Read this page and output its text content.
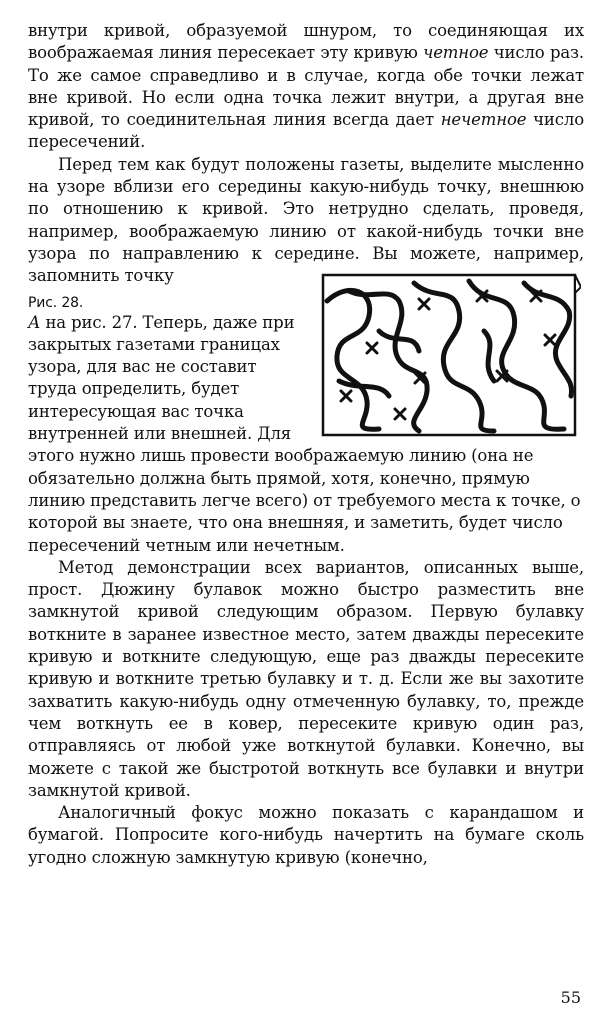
внутри кривой, образуемой шнуром, то соединяющая их воображаемая линия пересекает эту кривую четное число раз. То же самое справедливо и в случае, когда обе точки лежат вне кривой. Но если одна точка лежит внутри, а другая вне кривой, то соединительная линия всегда дает нечетное число пересечений.

Перед тем как будут положены газеты, выделите мысленно на узоре вблизи его середины какую-нибудь точку, внешнюю по отношению к кривой. Это нетрудно сделать, проведя, например, воображаемую линию от какой-нибудь точки вне узора по направлению к середине. Вы можете, например, запомнить точку

Рис. 28.
А на рис. 27. Теперь, даже при закрытых газетами границах узора, для вас не составит труда определить, будет интересующая вас точка внутренней или внешней. Для этого нужно лишь провести воображаемую линию (она не обязательно должна быть прямой, хотя, конечно, прямую линию представить легче всего) от требуемого места к точке, о которой вы знаете, что она внешняя, и заметить, будет число пересечений четным или нечетным.

Метод демонстрации всех вариантов, описанных выше, прост. Дюжину булавок можно быстро разместить вне замкнутой кривой следующим образом. Первую булавку воткните в заранее известное место, затем дважды пересеките кривую и воткните следующую, еще раз дважды пересеките кривую и воткните третью булавку и т. д. Если же вы захотите захватить какую-нибудь одну отмеченную булавку, то, прежде чем воткнуть ее в ковер, пересеките кривую один раз, отправляясь от любой уже воткнутой булавки. Конечно, вы можете с такой же быстротой воткнуть все булавки и внутри замкнутой кривой.

Аналогичный фокус можно показать с карандашом и бумагой. Попросите кого-нибудь начертить на бумаге сколь угодно сложную замкнутую кривую (конечно,

55
